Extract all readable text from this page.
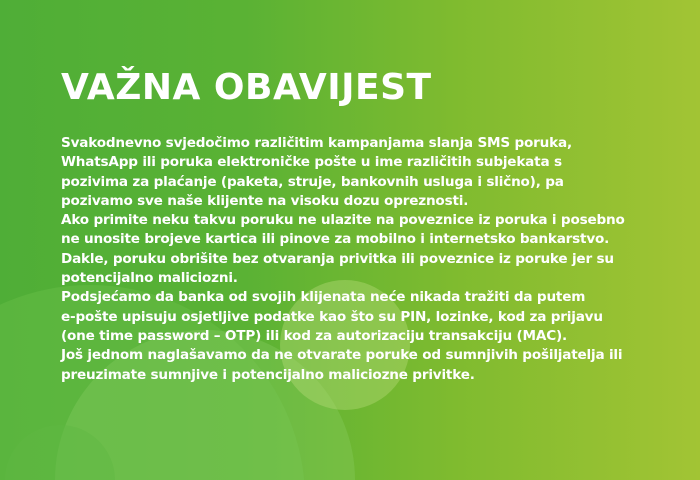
VAŽNA OBAVIJEST
Svakodnevno svjedočimo različitim kampanjama slanja SMS poruka,
WhatsApp ili poruka elektroničke pošte u ime različitih subjekata s
pozivima za plaćanje (paketa, struje, bankovnih usluga i slično), pa
pozivamo sve naše klijente na visoku dozu opreznosti.
Ako primite neku takvu poruku ne ulazite na poveznice iz poruka i posebno
ne unosite brojeve kartica ili pinove za mobilno i internetsko bankarstvo.
Dakle, poruku obrišite bez otvaranja privitka ili poveznice iz poruke jer su
potencijalno maliciozni.
Podsjećamo da banka od svojih klijenata neće nikada tražiti da putem
e-pošte upisuju osjetljive podatke kao što su PIN, lozinke, kod za prijavu
(one time password – OTP) ili kod za autorizaciju transakciju (MAC).
Još jednom naglašavamo da ne otvarate poruke od sumnjivih pošiljatelja ili
preuzimate sumnjive i potencijalno maliciozne privitke.
